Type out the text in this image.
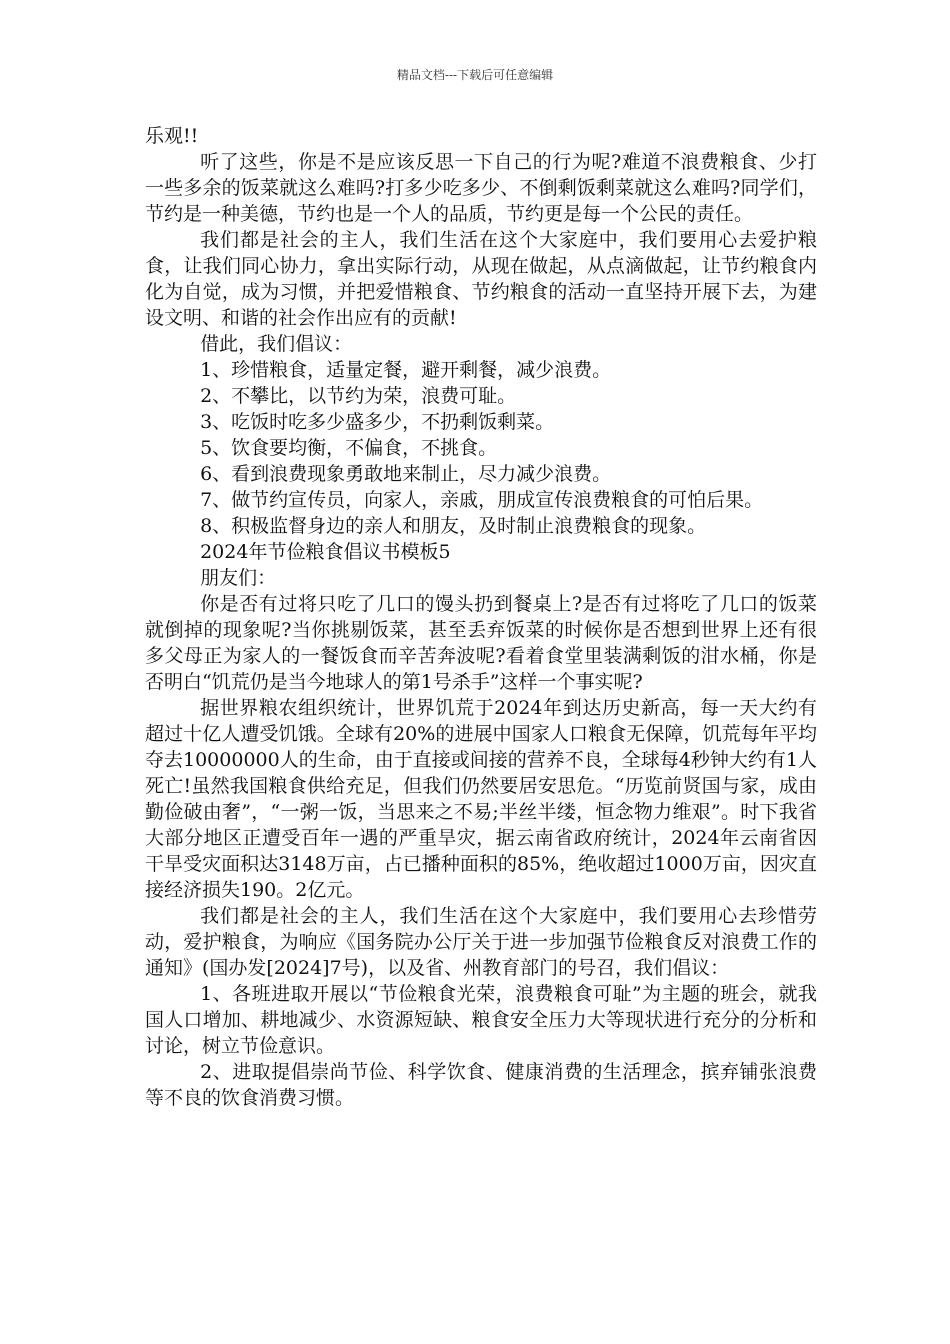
精品文档---下载后可任意编辑

乐观!!

听了这些，你是不是应该反思一下自己的行为呢?难道不浪费粮食、少打一些多余的饭菜就这么难吗?打多少吃多少、不倒剩饭剩菜就这么难吗?同学们，节约是一种美德，节约也是一个人的品质，节约更是每一个公民的责任。

我们都是社会的主人，我们生活在这个大家庭中，我们要用心去爱护粮食，让我们同心协力，拿出实际行动，从现在做起，从点滴做起，让节约粮食内化为自觉，成为习惯，并把爱惜粮食、节约粮食的活动一直坚持开展下去，为建设文明、和谐的社会作出应有的贡献!

借此，我们倡议：

1、珍惜粮食，适量定餐，避开剩餐，减少浪费。

2、不攀比，以节约为荣，浪费可耻。

3、吃饭时吃多少盛多少，不扔剩饭剩菜。

5、饮食要均衡，不偏食，不挑食。

6、看到浪费现象勇敢地来制止，尽力减少浪费。

7、做节约宣传员，向家人，亲戚，朋成宣传浪费粮食的可怕后果。

8、积极监督身边的亲人和朋友，及时制止浪费粮食的现象。

2024年节俭粮食倡议书模板5

朋友们：

你是否有过将只吃了几口的馒头扔到餐桌上?是否有过将吃了几口的饭菜就倒掉的现象呢?当你挑剔饭菜，甚至丢弃饭菜的时候你是否想到世界上还有很多父母正为家人的一餐饭食而辛苦奔波呢?看着食堂里装满剩饭的泔水桶，你是否明白“饥荒仍是当今地球人的第1号杀手”这样一个事实呢?

据世界粮农组织统计，世界饥荒于2024年到达历史新高，每一天大约有超过十亿人遭受饥饿。全球有20%的进展中国家人口粮食无保障，饥荒每年平均夺去10000000人的生命，由于直接或间接的营养不良，全球每4秒钟大约有1人死亡!虽然我国粮食供给充足，但我们仍然要居安思危。“历览前贤国与家，成由勤俭破由奢”，“一粥一饭，当思来之不易;半丝半缕，恒念物力维艰”。时下我省大部分地区正遭受百年一遇的严重旱灾，据云南省政府统计，2024年云南省因干旱受灾面积达3148万亩，占已播种面积的85%，绝收超过1000万亩，因灾直接经济损失190。2亿元。

我们都是社会的主人，我们生活在这个大家庭中，我们要用心去珍惜劳动，爱护粮食，为响应《国务院办公厅关于进一步加强节俭粮食反对浪费工作的通知》(国办发[2024]7号)，以及省、州教育部门的号召，我们倡议：

1、各班进取开展以“节俭粮食光荣，浪费粮食可耻”为主题的班会，就我国人口增加、耕地减少、水资源短缺、粮食安全压力大等现状进行充分的分析和讨论，树立节俭意识。

2、进取提倡崇尚节俭、科学饮食、健康消费的生活理念，摈弃铺张浪费等不良的饮食消费习惯。
